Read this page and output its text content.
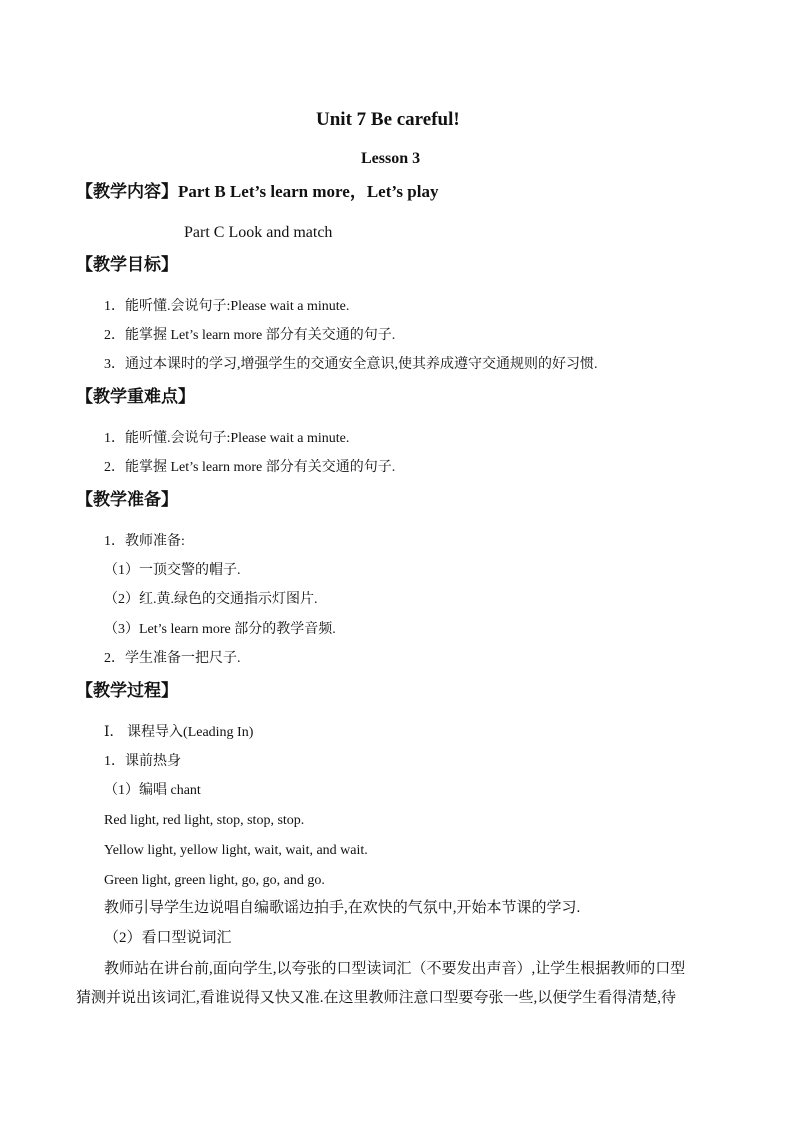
Unit 7 Be careful!
Lesson 3
【教学内容】Part B Let’s learn more，Let’s play
Part C Look and match
【教学目标】
1．能听懂.会说句子:Please wait a minute.
2．能掌握 Let’s learn more 部分有关交通的句子.
3．通过本课时的学习,增强学生的交通安全意识,使其养成遵守交通规则的好习惯.
【教学重难点】
1．能听懂.会说句子:Please wait a minute.
2．能掌握 Let’s learn more 部分有关交通的句子.
【教学准备】
1．教师准备:
（1）一顶交警的帽子.
（2）红.黄.绿色的交通指示灯图片.
（3）Let’s learn more 部分的教学音频.
2．学生准备一把尺子.
【教学过程】
Ⅰ． 课程导入(Leading In)
1．课前热身
（1）编唱 chant
Red light, red light, stop, stop, stop.
Yellow light, yellow light, wait, wait, and wait.
Green light, green light, go, go, and go.
教师引导学生边说唱自编歌谣边拍手,在欢快的气氛中,开始本节课的学习.
（2）看口型说词汇
教师站在讲台前,面向学生,以夸张的口型读词汇（不要发出声音）,让学生根据教师的口型
猜测并说出该词汇,看谁说得又快又准.在这里教师注意口型要夸张一些,以便学生看得清楚,待
